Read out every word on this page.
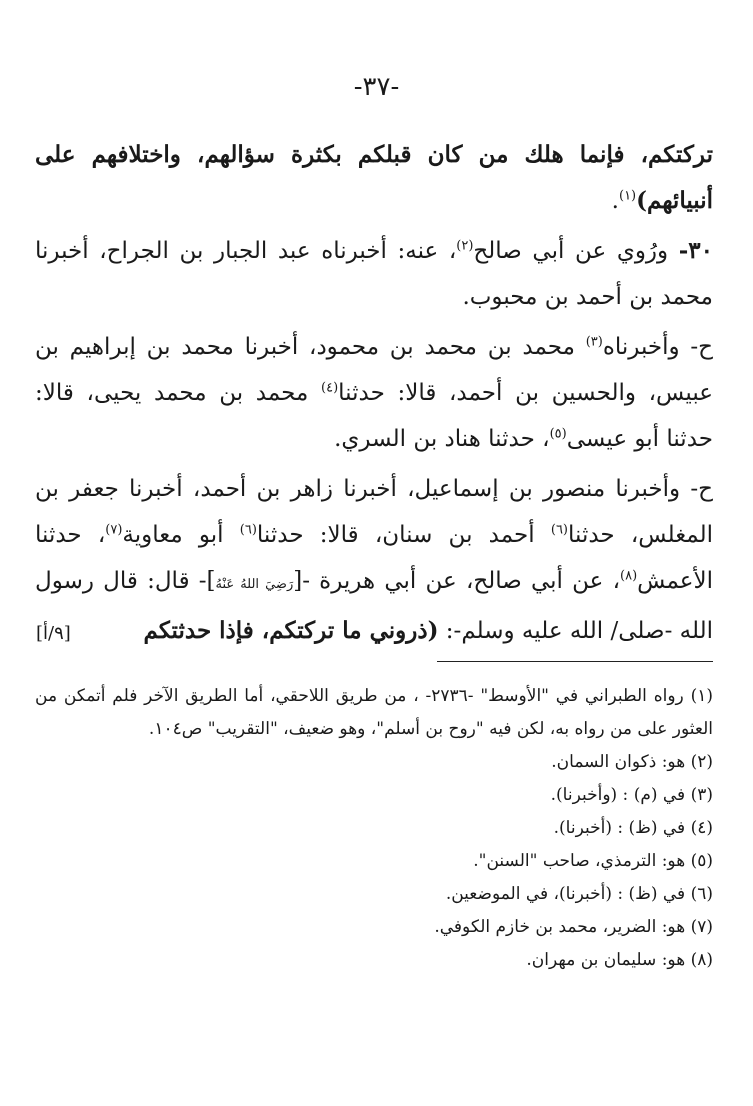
-٣٧-

تركتكم، فإنما هلك من كان قبلكم بكثرة سؤالهم، واختلافهم على أنبيائهم)$^{(١)}$.

٣٠- ورُوي عن أبي صالح$^{(٢)}$، عنه: أخبرناه عبد الجبار بن الجراح، أخبرنا محمد بن أحمد بن محبوب.

ح- وأخبرناه$^{(٣)}$ محمد بن محمد بن محمود، أخبرنا محمد بن إبراهيم بن عبيس، والحسين بن أحمد، قالا: حدثنا$^{(٤)}$ محمد بن محمد يحيى، قالا: حدثنا أبو عيسى$^{(٥)}$، حدثنا هناد بن السري.

ح- وأخبرنا منصور بن إسماعيل، أخبرنا زاهر بن أحمد، أخبرنا جعفر بن المغلس، حدثنا$^{(٦)}$ أحمد بن سنان، قالا: حدثنا$^{(٦)}$ أبو معاوية$^{(٧)}$، حدثنا الأعمش$^{(٨)}$، عن أبي صالح، عن أبي هريرة -[رَضِيَ اللهُ عَنْهُ]- قال: قال رسول الله -صلى/ الله عليه وسلم-: (ذروني ما تركتكم، فإذا حدثتكم

[٩/أ]
(١) رواه الطبراني في "الأوسط" -٢٧٣٦- ، من طريق اللاحقي، أما الطريق الآخر فلم أتمكن من العثور على من رواه به، لكن فيه "روح بن أسلم"، وهو ضعيف، "التقريب" ص١٠٤.
(٢) هو: ذكوان السمان.
(٣) في (م) : (وأخبرنا).
(٤) في (ظ) : (أخبرنا).
(٥) هو: الترمذي، صاحب "السنن".
(٦) في (ظ) : (أخبرنا)، في الموضعين.
(٧) هو: الضرير، محمد بن خازم الكوفي.
(٨) هو: سليمان بن مهران.
